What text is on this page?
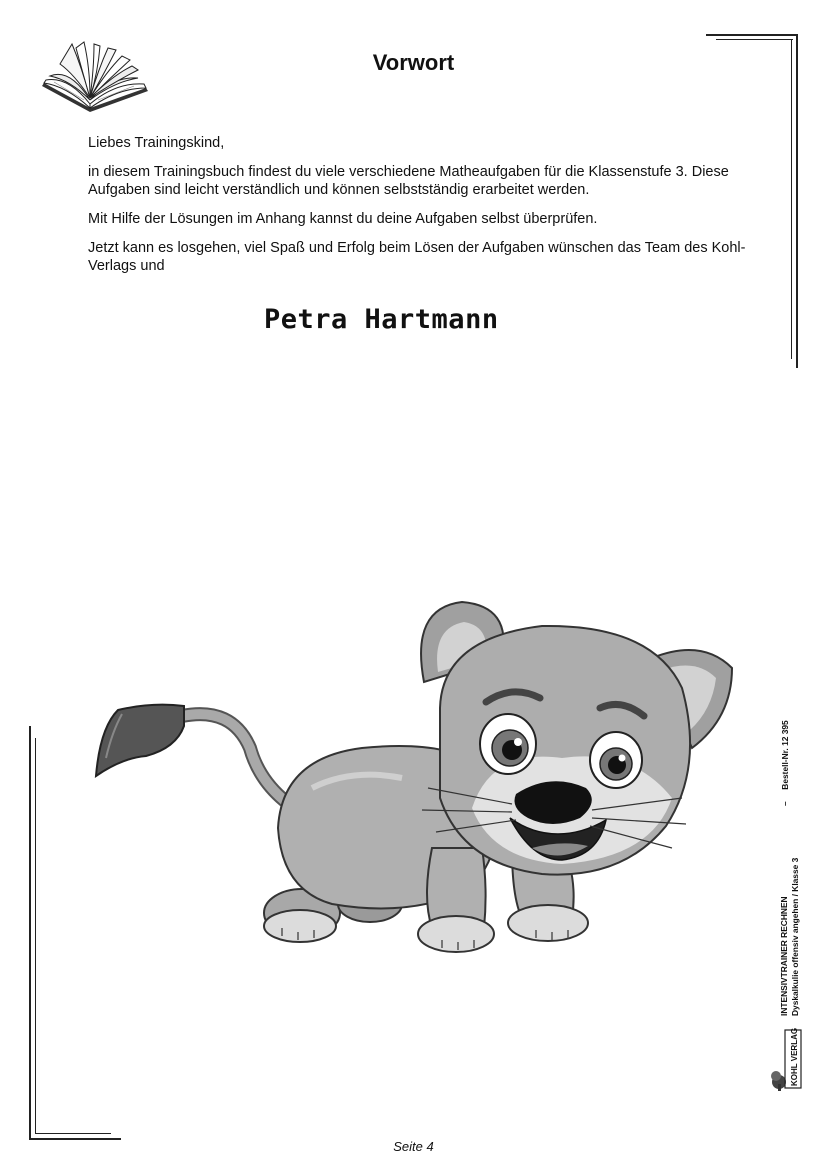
Vorwort

Liebes Trainingskind,

in diesem Trainingsbuch findest du viele verschiedene Matheaufgaben für die Klassenstufe 3. Diese Aufgaben sind leicht verständlich und können selbstständig erarbeitet werden.

Mit Hilfe der Lösungen im Anhang kannst du deine Aufgaben selbst überprüfen.

Jetzt kann es losgehen, viel Spaß und Erfolg beim Lösen der Aufgaben wünschen das Team des Kohl-Verlags und

Petra Hartmann
INTENSIVTRAINER RECHNEN Dyskalkulie offensiv angehen / Klasse 3
–     Bestell-Nr. 12 395
KOHL VERLAG
Seite 4
